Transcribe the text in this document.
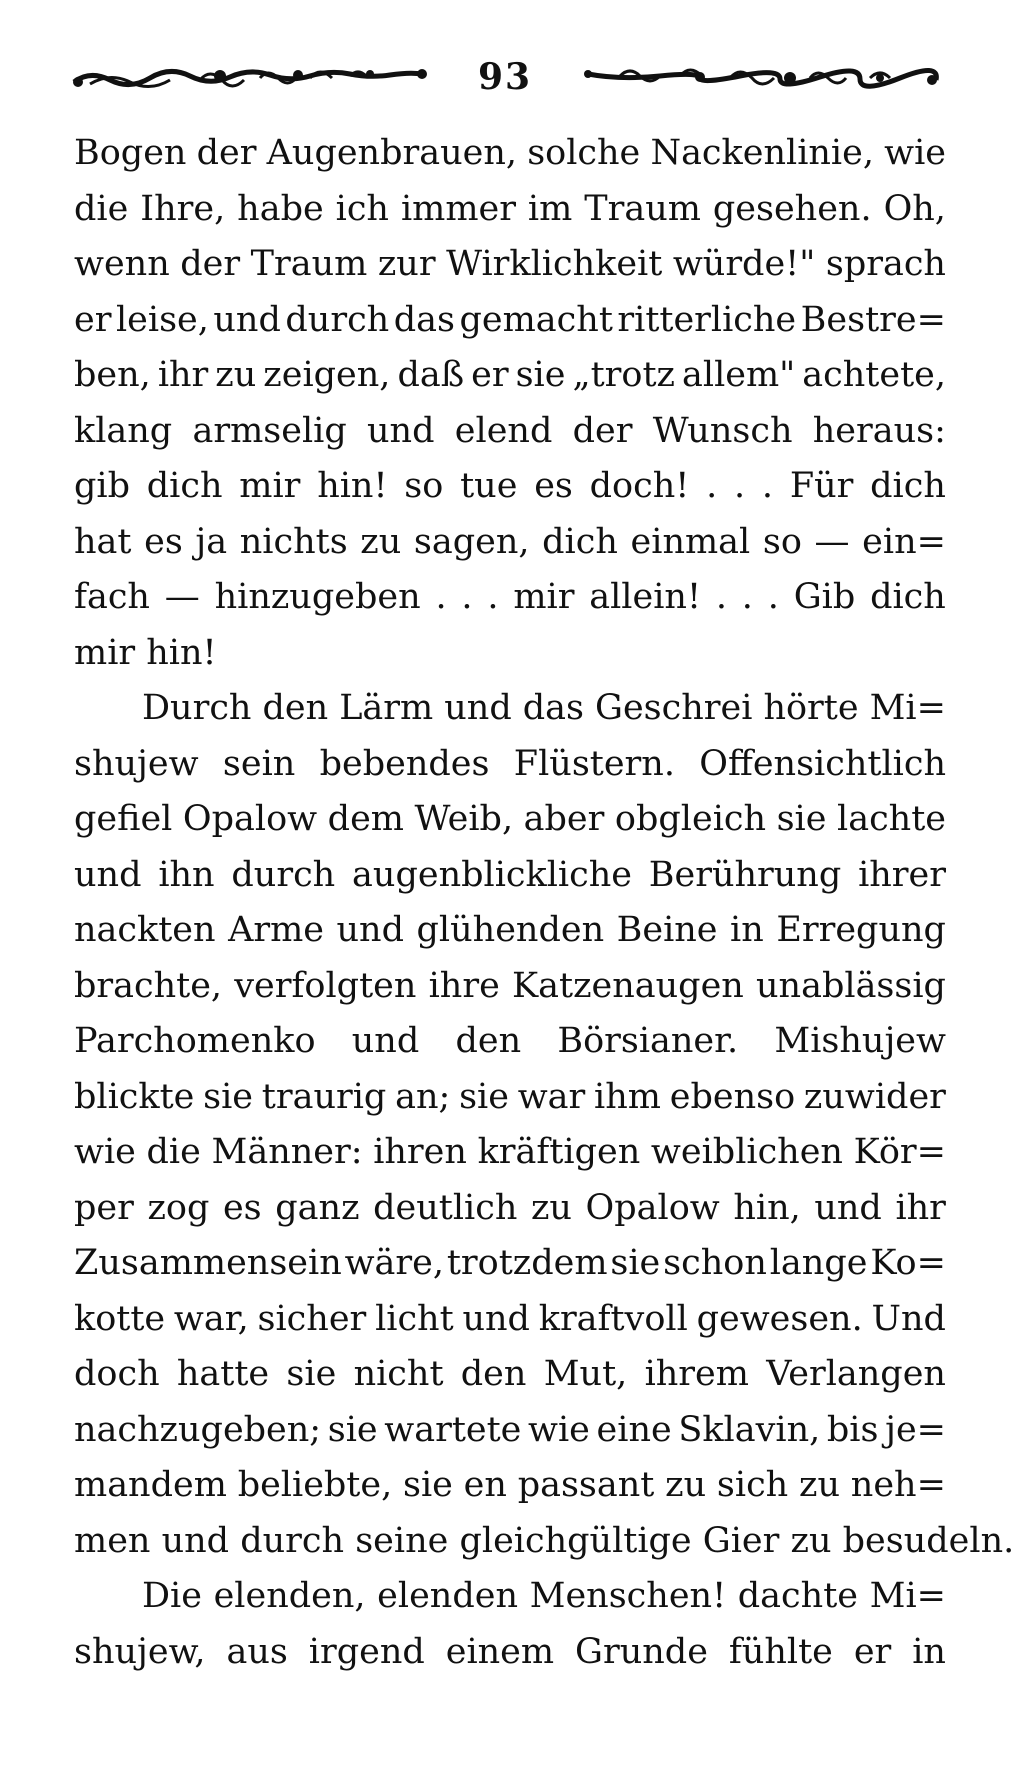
93
Bogen der Augenbrauen, solche Nackenlinie, wie
die Ihre, habe ich immer im Traum gesehen. Oh,
wenn der Traum zur Wirklichkeit würde!" sprach
er leise, und durch das gemacht ritterliche Bestre=
ben, ihr zu zeigen, daß er sie „trotz allem" achtete,
klang armselig und elend der Wunsch heraus:
gib dich mir hin! so tue es doch! . . . Für dich
hat es ja nichts zu sagen, dich einmal so — ein=
fach — hinzugeben . . . mir allein! . . . Gib dich
mir
hin!
Durch den Lärm und das Geschrei hörte Mi=
shujew sein bebendes Flüstern. Offensichtlich
gefiel Opalow dem Weib, aber obgleich sie lachte
und ihn durch augenblickliche Berührung ihrer
nackten Arme und glühenden Beine in Erregung
brachte, verfolgten ihre Katzenaugen unablässig
Parchomenko und den Börsianer. Mishujew
blickte sie traurig an; sie war ihm ebenso zuwider
wie die Männer: ihren kräftigen weiblichen Kör=
per zog es ganz deutlich zu Opalow hin, und ihr
Zusammensein wäre, trotzdem sie schon lange Ko=
kotte war, sicher licht und kraftvoll gewesen. Und
doch hatte sie nicht den Mut, ihrem Verlangen
nachzugeben; sie wartete wie eine Sklavin, bis je=
mandem beliebte, sie en passant zu sich zu neh=
men
und
durch
seine
gleichgültige
Gier
zu
besudeln.
Die elenden, elenden Menschen! dachte Mi=
shujew, aus irgend einem Grunde fühlte er in
